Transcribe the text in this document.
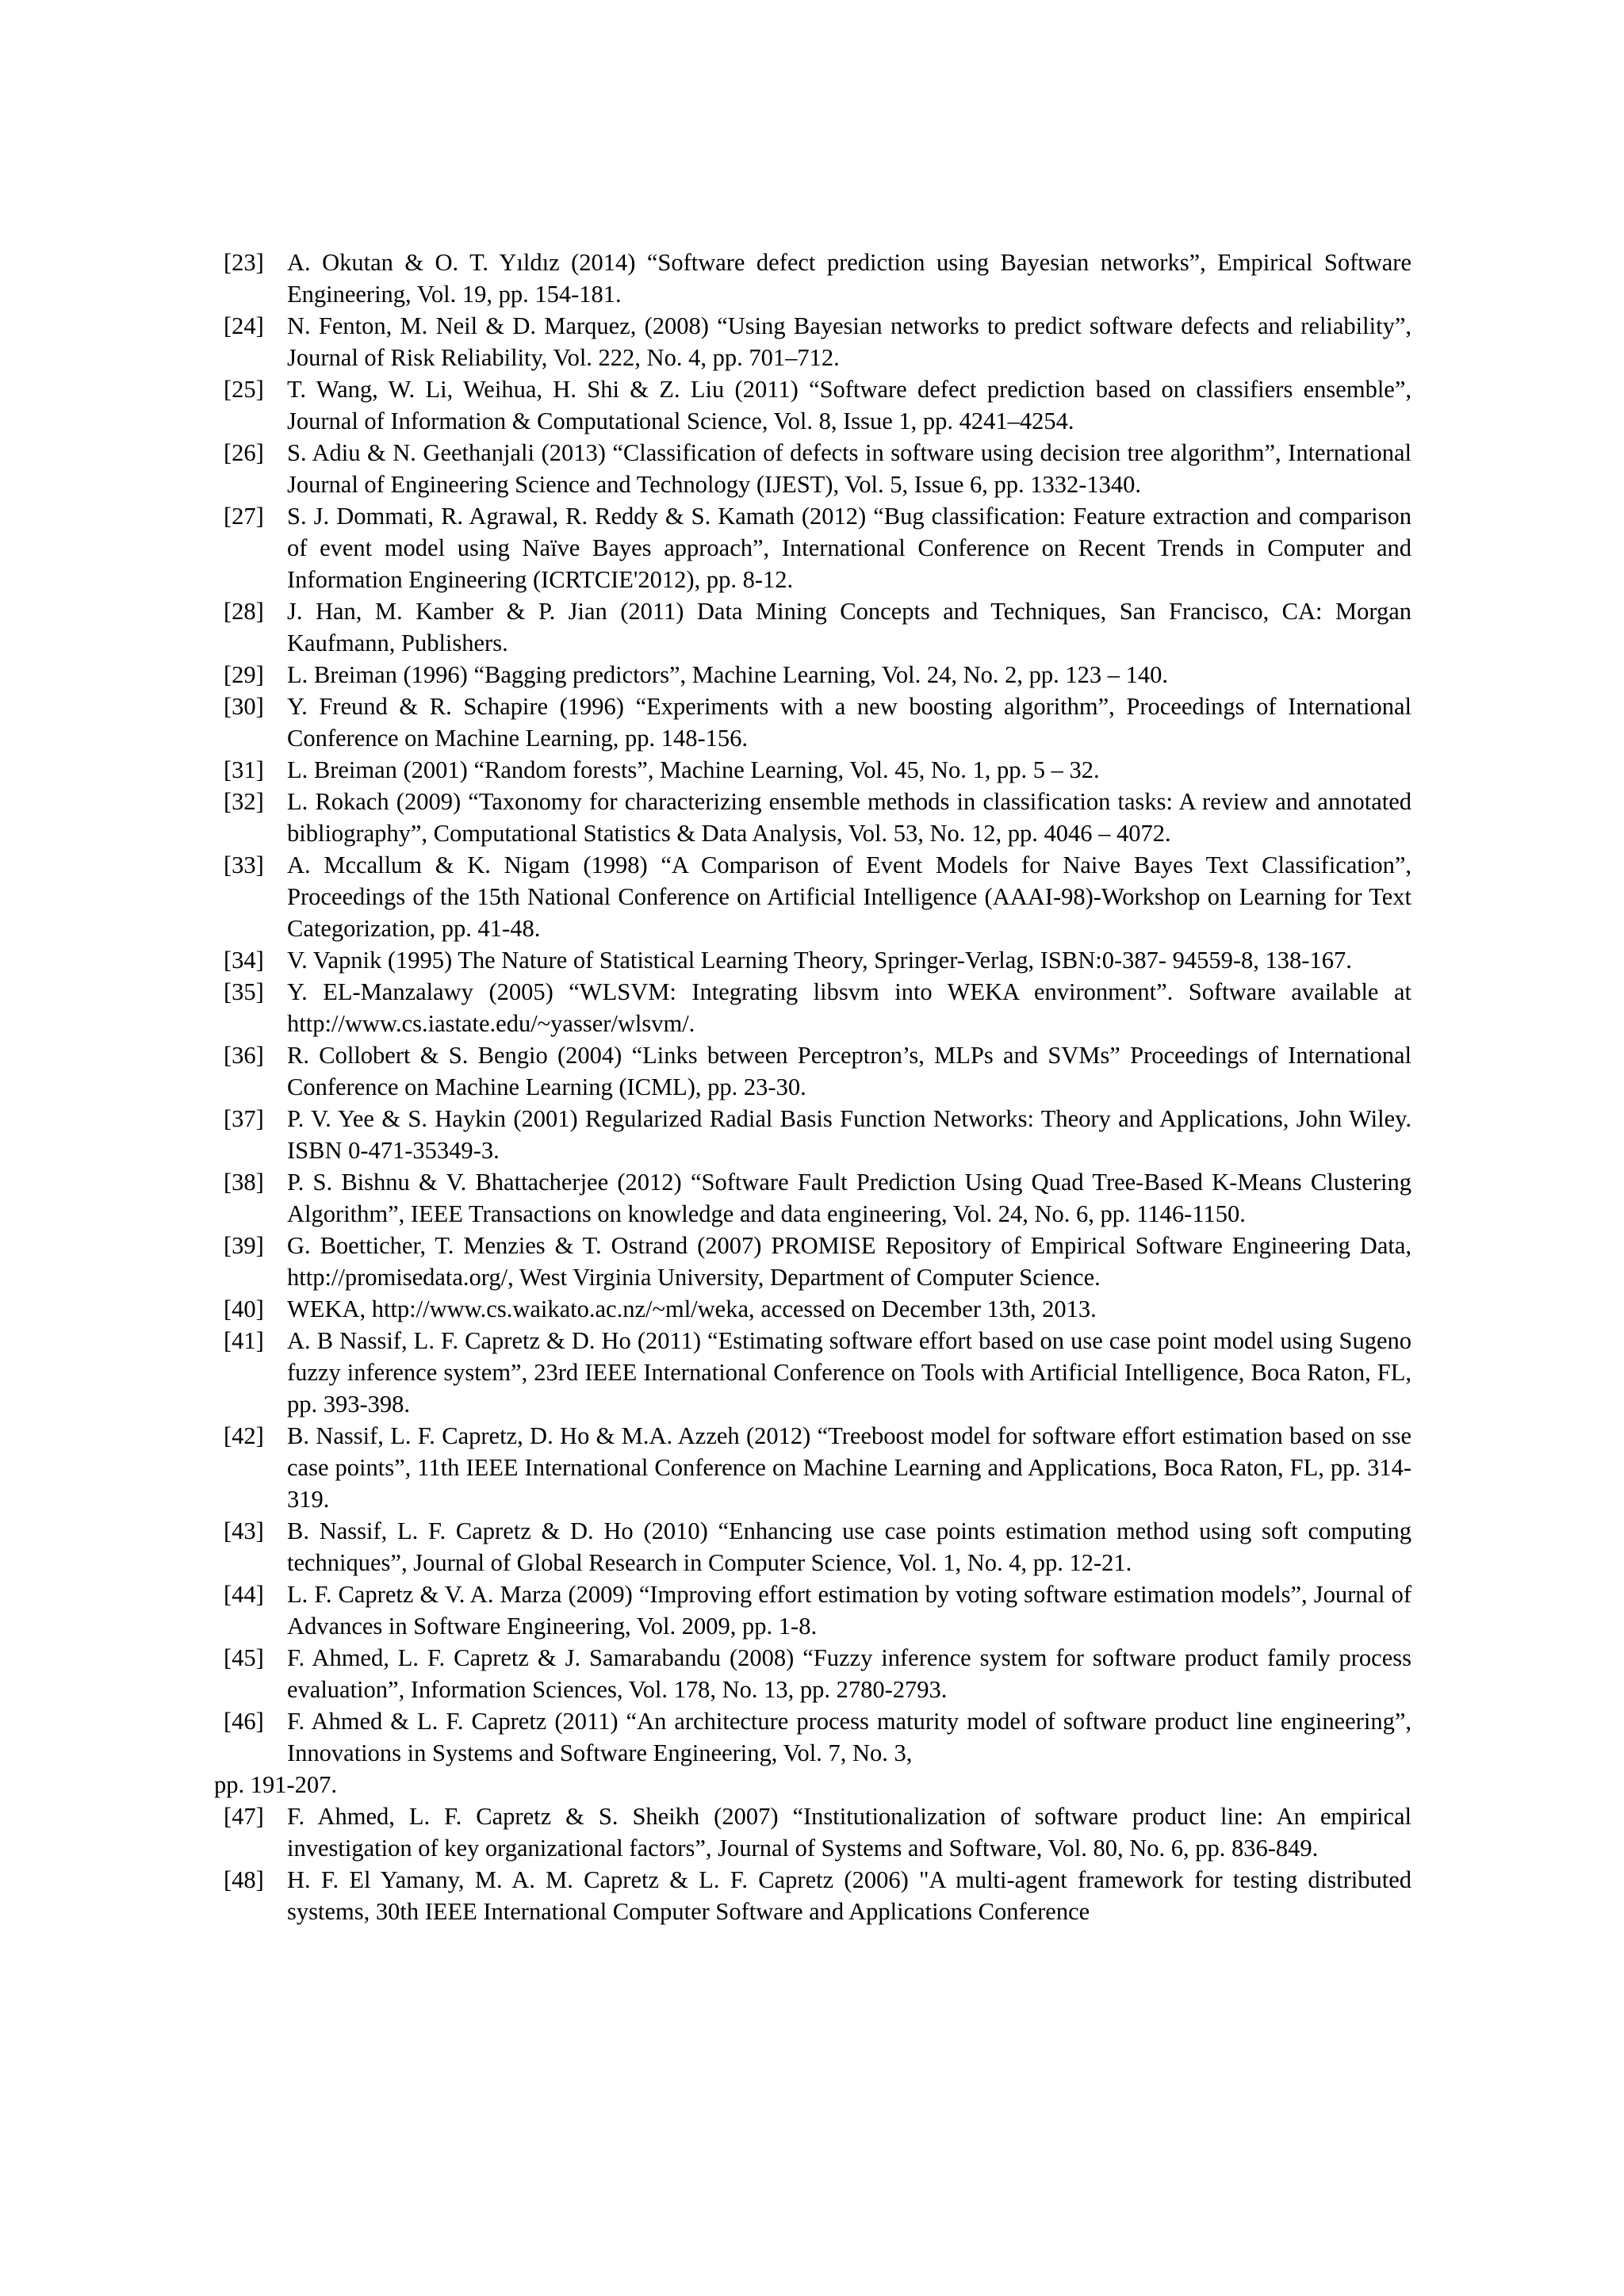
[23] A. Okutan & O. T. Yıldız (2014) “Software defect prediction using Bayesian networks”, Empirical Software Engineering, Vol. 19, pp. 154-181.
[24] N. Fenton, M. Neil & D. Marquez, (2008) “Using Bayesian networks to predict software defects and reliability”, Journal of Risk Reliability, Vol. 222, No. 4, pp. 701–712.
[25] T. Wang, W. Li, Weihua, H. Shi & Z. Liu (2011) “Software defect prediction based on classifiers ensemble”, Journal of Information & Computational Science, Vol. 8, Issue 1, pp. 4241–4254.
[26] S. Adiu & N. Geethanjali (2013) “Classification of defects in software using decision tree algorithm”, International Journal of Engineering Science and Technology (IJEST), Vol. 5, Issue 6, pp. 1332-1340.
[27] S. J. Dommati, R. Agrawal, R. Reddy & S. Kamath (2012) “Bug classification: Feature extraction and comparison of event model using Naïve Bayes approach”, International Conference on Recent Trends in Computer and Information Engineering (ICRTCIE'2012), pp. 8-12.
[28] J. Han, M. Kamber & P. Jian (2011) Data Mining Concepts and Techniques, San Francisco, CA: Morgan Kaufmann, Publishers.
[29] L. Breiman (1996) “Bagging predictors”, Machine Learning, Vol. 24, No. 2, pp. 123 – 140.
[30] Y. Freund & R. Schapire (1996) “Experiments with a new boosting algorithm”, Proceedings of International Conference on Machine Learning, pp. 148-156.
[31] L. Breiman (2001) “Random forests”, Machine Learning, Vol. 45, No. 1, pp. 5 – 32.
[32] L. Rokach (2009) “Taxonomy for characterizing ensemble methods in classification tasks: A review and annotated bibliography”, Computational Statistics & Data Analysis, Vol. 53, No. 12, pp. 4046 – 4072.
[33] A. Mccallum & K. Nigam (1998) “A Comparison of Event Models for Naive Bayes Text Classification”, Proceedings of the 15th National Conference on Artificial Intelligence (AAAI-98)-Workshop on Learning for Text Categorization, pp. 41-48.
[34] V. Vapnik (1995) The Nature of Statistical Learning Theory, Springer-Verlag, ISBN:0-387- 94559-8, 138-167.
[35] Y. EL-Manzalawy (2005) “WLSVM: Integrating libsvm into WEKA environment”. Software available at http://www.cs.iastate.edu/~yasser/wlsvm/.
[36] R. Collobert & S. Bengio (2004) “Links between Perceptron’s, MLPs and SVMs” Proceedings of International Conference on Machine Learning (ICML), pp. 23-30.
[37] P. V. Yee & S. Haykin (2001) Regularized Radial Basis Function Networks: Theory and Applications, John Wiley. ISBN 0-471-35349-3.
[38] P. S. Bishnu & V. Bhattacherjee (2012) “Software Fault Prediction Using Quad Tree-Based K-Means Clustering Algorithm”, IEEE Transactions on knowledge and data engineering, Vol. 24, No. 6, pp. 1146-1150.
[39] G. Boetticher, T. Menzies & T. Ostrand (2007) PROMISE Repository of Empirical Software Engineering Data, http://promisedata.org/, West Virginia University, Department of Computer Science.
[40] WEKA, http://www.cs.waikato.ac.nz/~ml/weka, accessed on December 13th, 2013.
[41] A. B Nassif, L. F. Capretz & D. Ho (2011) “Estimating software effort based on use case point model using Sugeno fuzzy inference system”, 23rd IEEE International Conference on Tools with Artificial Intelligence, Boca Raton, FL, pp. 393-398.
[42] B. Nassif, L. F. Capretz, D. Ho & M.A. Azzeh (2012) “Treeboost model for software effort estimation based on sse case points”, 11th IEEE International Conference on Machine Learning and Applications, Boca Raton, FL, pp. 314-319.
[43] B. Nassif, L. F. Capretz & D. Ho (2010) “Enhancing use case points estimation method using soft computing techniques”, Journal of Global Research in Computer Science, Vol. 1, No. 4, pp. 12-21.
[44] L. F. Capretz & V. A. Marza (2009) “Improving effort estimation by voting software estimation models”, Journal of Advances in Software Engineering, Vol. 2009, pp. 1-8.
[45] F. Ahmed, L. F. Capretz & J. Samarabandu (2008) “Fuzzy inference system for software product family process evaluation”, Information Sciences, Vol. 178, No. 13, pp. 2780-2793.
[46] F. Ahmed & L. F. Capretz (2011) “An architecture process maturity model of software product line engineering”, Innovations in Systems and Software Engineering, Vol. 7, No. 3,
pp. 191-207.
[47] F. Ahmed, L. F. Capretz & S. Sheikh (2007) “Institutionalization of software product line: An empirical investigation of key organizational factors”, Journal of Systems and Software, Vol. 80, No. 6, pp. 836-849.
[48] H. F. El Yamany, M. A. M. Capretz & L. F. Capretz (2006) "A multi-agent framework for testing distributed systems, 30th IEEE International Computer Software and Applications Conference
